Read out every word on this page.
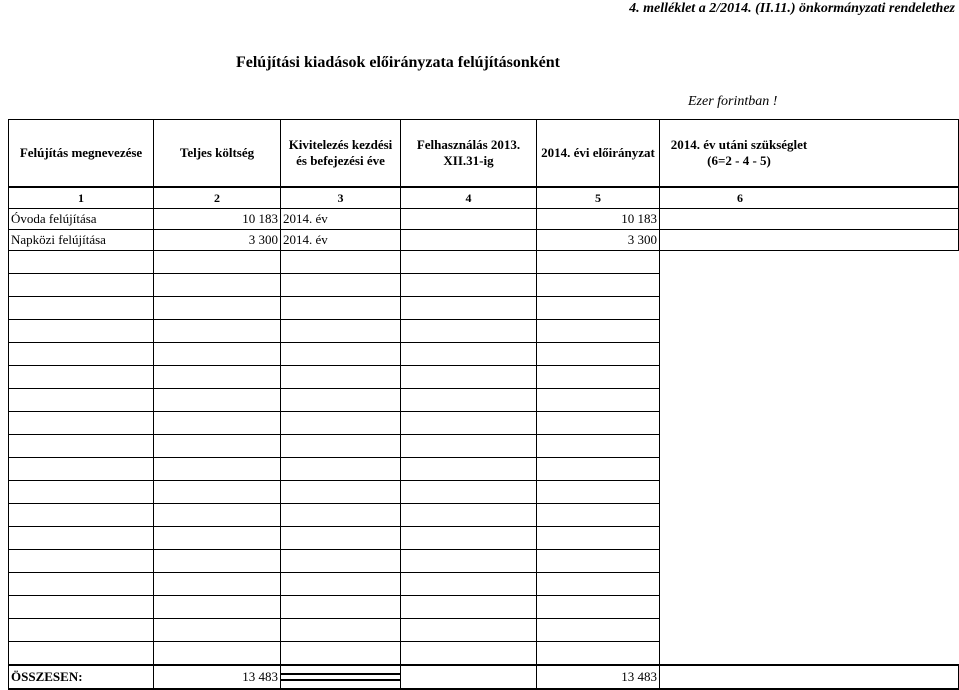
4. melléklet a 2/2014. (II.11.) önkormányzati rendelethez
Felújítási kiadások előirányzata felújításonként
Ezer forintban !
Felújítás megnevezése	Teljes költség	Kivitelezés kezdési és befejezési éve	Felhasználás 2013. XII.31-ig	2014. évi előirányzat	2014. év utáni szükséglet (6=2 - 4 - 5)
1	2	3	4	5	6
Óvoda felújítása	10 183	2014. év		10 183	
Napközi felújítása	3 300	2014. év		3 300	

ÖSSZESEN:	13 483			13 483	
